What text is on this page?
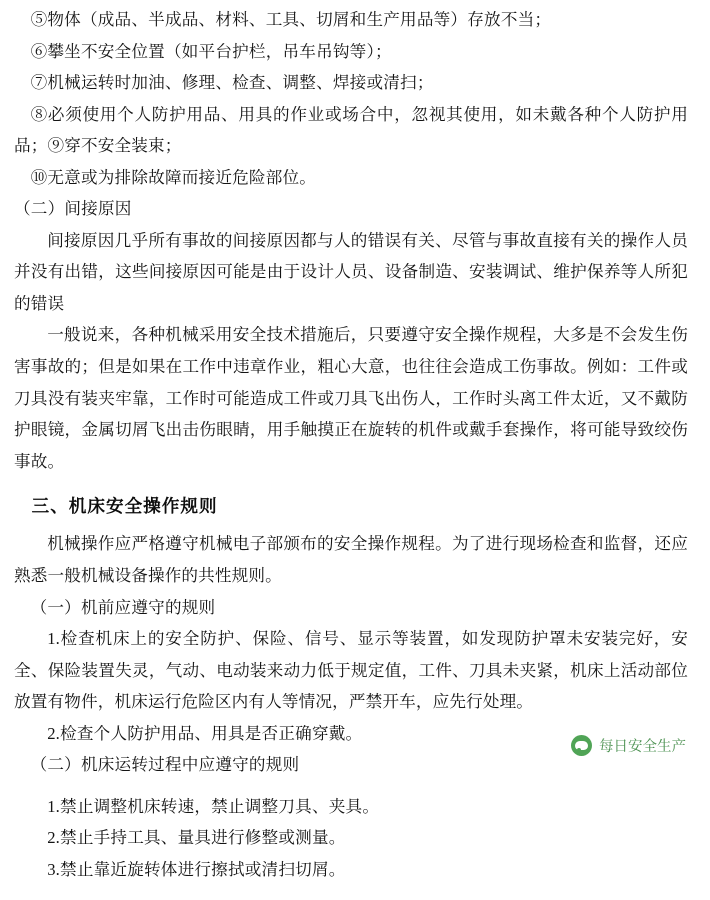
⑤物体（成品、半成品、材料、工具、切屑和生产用品等）存放不当；
⑥攀坐不安全位置（如平台护栏，吊车吊钩等）；
⑦机械运转时加油、修理、检查、调整、焊接或清扫；

⑧必须使用个人防护用品、用具的作业或场合中，忽视其使用，如未戴各种个人防护用品；⑨穿不安全装束；

⑩无意或为排除故障而接近危险部位。
（二）间接原因

间接原因几乎所有事故的间接原因都与人的错误有关、尽管与事故直接有关的操作人员并没有出错，这些间接原因可能是由于设计人员、设备制造、安装调试、维护保养等人所犯的错误

一般说来，各种机械采用安全技术措施后，只要遵守安全操作规程，大多是不会发生伤害事故的；但是如果在工作中违章作业，粗心大意，也往往会造成工伤事故。例如：工件或刀具没有装夹牢靠，工作时可能造成工件或刀具飞出伤人，工作时头离工件太近，又不戴防护眼镜，金属切屑飞出击伤眼睛，用手触摸正在旋转的机件或戴手套操作，将可能导致绞伤事故。

三、机床安全操作规则

机械操作应严格遵守机械电子部颁布的安全操作规程。为了进行现场检查和监督，还应熟悉一般机械设备操作的共性规则。

（一）机前应遵守的规则

1.检查机床上的安全防护、保险、信号、显示等装置，如发现防护罩未安装完好，安全、保险装置失灵，气动、电动装来动力低于规定值，工件、刀具未夹紧，机床上活动部位放置有物件，机床运行危险区内有人等情况，严禁开车，应先行处理。

2.检查个人防护用品、用具是否正确穿戴。
（二）机床运转过程中应遵守的规则
1.禁止调整机床转速，禁止调整刀具、夹具。
2.禁止手持工具、量具进行修整或测量。
3.禁止靠近旋转体进行擦拭或清扫切屑。
每日安全生产
